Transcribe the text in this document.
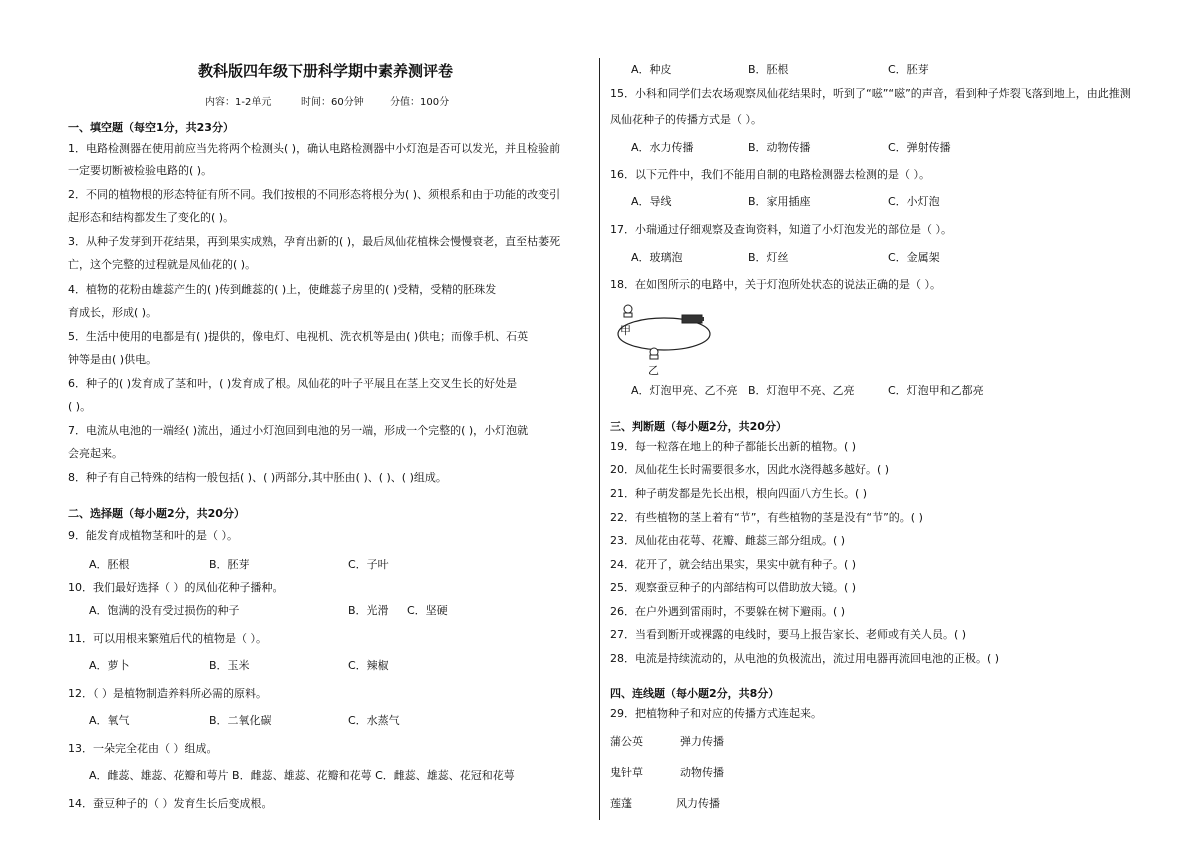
教科版四年级下册科学期中素养测评卷
内容：1-2单元	时间：60分钟	分值：100分
一、填空题（每空1分，共23分）
1．电路检测器在使用前应当先将两个检测头( )，确认电路检测器中小灯泡是否可以发光，并且检验前
一定要切断被检验电路的( )。
2．不同的植物根的形态特征有所不同。我们按根的不同形态将根分为( )、须根系和由于功能的改变引
起形态和结构都发生了变化的( )。
3．从种子发芽到开花结果，再到果实成熟，孕育出新的( )，最后凤仙花植株会慢慢衰老，直至枯萎死
亡，这个完整的过程就是凤仙花的( )。
4．植物的花粉由雄蕊产生的( )传到雌蕊的( )上，使雌蕊子房里的( )受精，受精的胚珠发
育成长，形成( )。
5．生活中使用的电都是有( )提供的，像电灯、电视机、洗衣机等是由( )供电；而像手机、石英
钟等是由( )供电。
6．种子的( )发育成了茎和叶，( )发育成了根。凤仙花的叶子平展且在茎上交叉生长的好处是
( )。
7．电流从电池的一端经( )流出，通过小灯泡回到电池的另一端，形成一个完整的( )，小灯泡就
会亮起来。
8．种子有自己特殊的结构一般包括( )、( )两部分,其中胚由( )、( )、( )组成。
二、选择题（每小题2分，共20分）
9．能发育成植物茎和叶的是（ ）。
A．胚根	B．胚芽	C．子叶
10．我们最好选择（ ）的凤仙花种子播种。
A．饱满的没有受过损伤的种子	B．光滑 C．坚硬
11．可以用根来繁殖后代的植物是（ ）。
A．萝卜	B．玉米	C．辣椒
12．（ ）是植物制造养料所必需的原料。
A．氧气	B．二氧化碳	C．水蒸气
13．一朵完全花由（ ）组成。
A．雌蕊、雄蕊、花瓣和萼片 B．雌蕊、雄蕊、花瓣和花萼 C．雌蕊、雄蕊、花冠和花萼
14．蚕豆种子的（ ）发育生长后变成根。
A．种皮	B．胚根	C．胚芽
15．小科和同学们去农场观察凤仙花结果时，听到了“嗞”“嗞”的声音，看到种子炸裂飞落到地上，由此推测
凤仙花种子的传播方式是（ ）。
A．水力传播	B．动物传播	C．弹射传播
16．以下元件中，我们不能用自制的电路检测器去检测的是（ ）。
A．导线	B．家用插座	C．小灯泡
17．小瑞通过仔细观察及查询资料，知道了小灯泡发光的部位是（ ）。
A．玻璃泡	B．灯丝	C．金属架
18．在如图所示的电路中，关于灯泡所处状态的说法正确的是（ ）。
甲
乙
A．灯泡甲亮、乙不亮 B．灯泡甲不亮、乙亮	C．灯泡甲和乙都亮
三、判断题（每小题2分，共20分）
19．每一粒落在地上的种子都能长出新的植物。( )
20．凤仙花生长时需要很多水，因此水浇得越多越好。( )
21．种子萌发都是先长出根，根向四面八方生长。( )
22．有些植物的茎上着有“节”，有些植物的茎是没有“节”的。( )
23．凤仙花由花萼、花瓣、雌蕊三部分组成。( )
24．花开了，就会结出果实，果实中就有种子。( )
25．观察蚕豆种子的内部结构可以借助放大镜。( )
26．在户外遇到雷雨时，不要躲在树下避雨。( )
27．当看到断开或裸露的电线时，要马上报告家长、老师或有关人员。( )
28．电流是持续流动的，从电池的负极流出，流过用电器再流回电池的正极。( )
四、连线题（每小题2分，共8分）
29．把植物种子和对应的传播方式连起来。
蒲公英	弹力传播
鬼针草	动物传播
莲蓬	风力传播
